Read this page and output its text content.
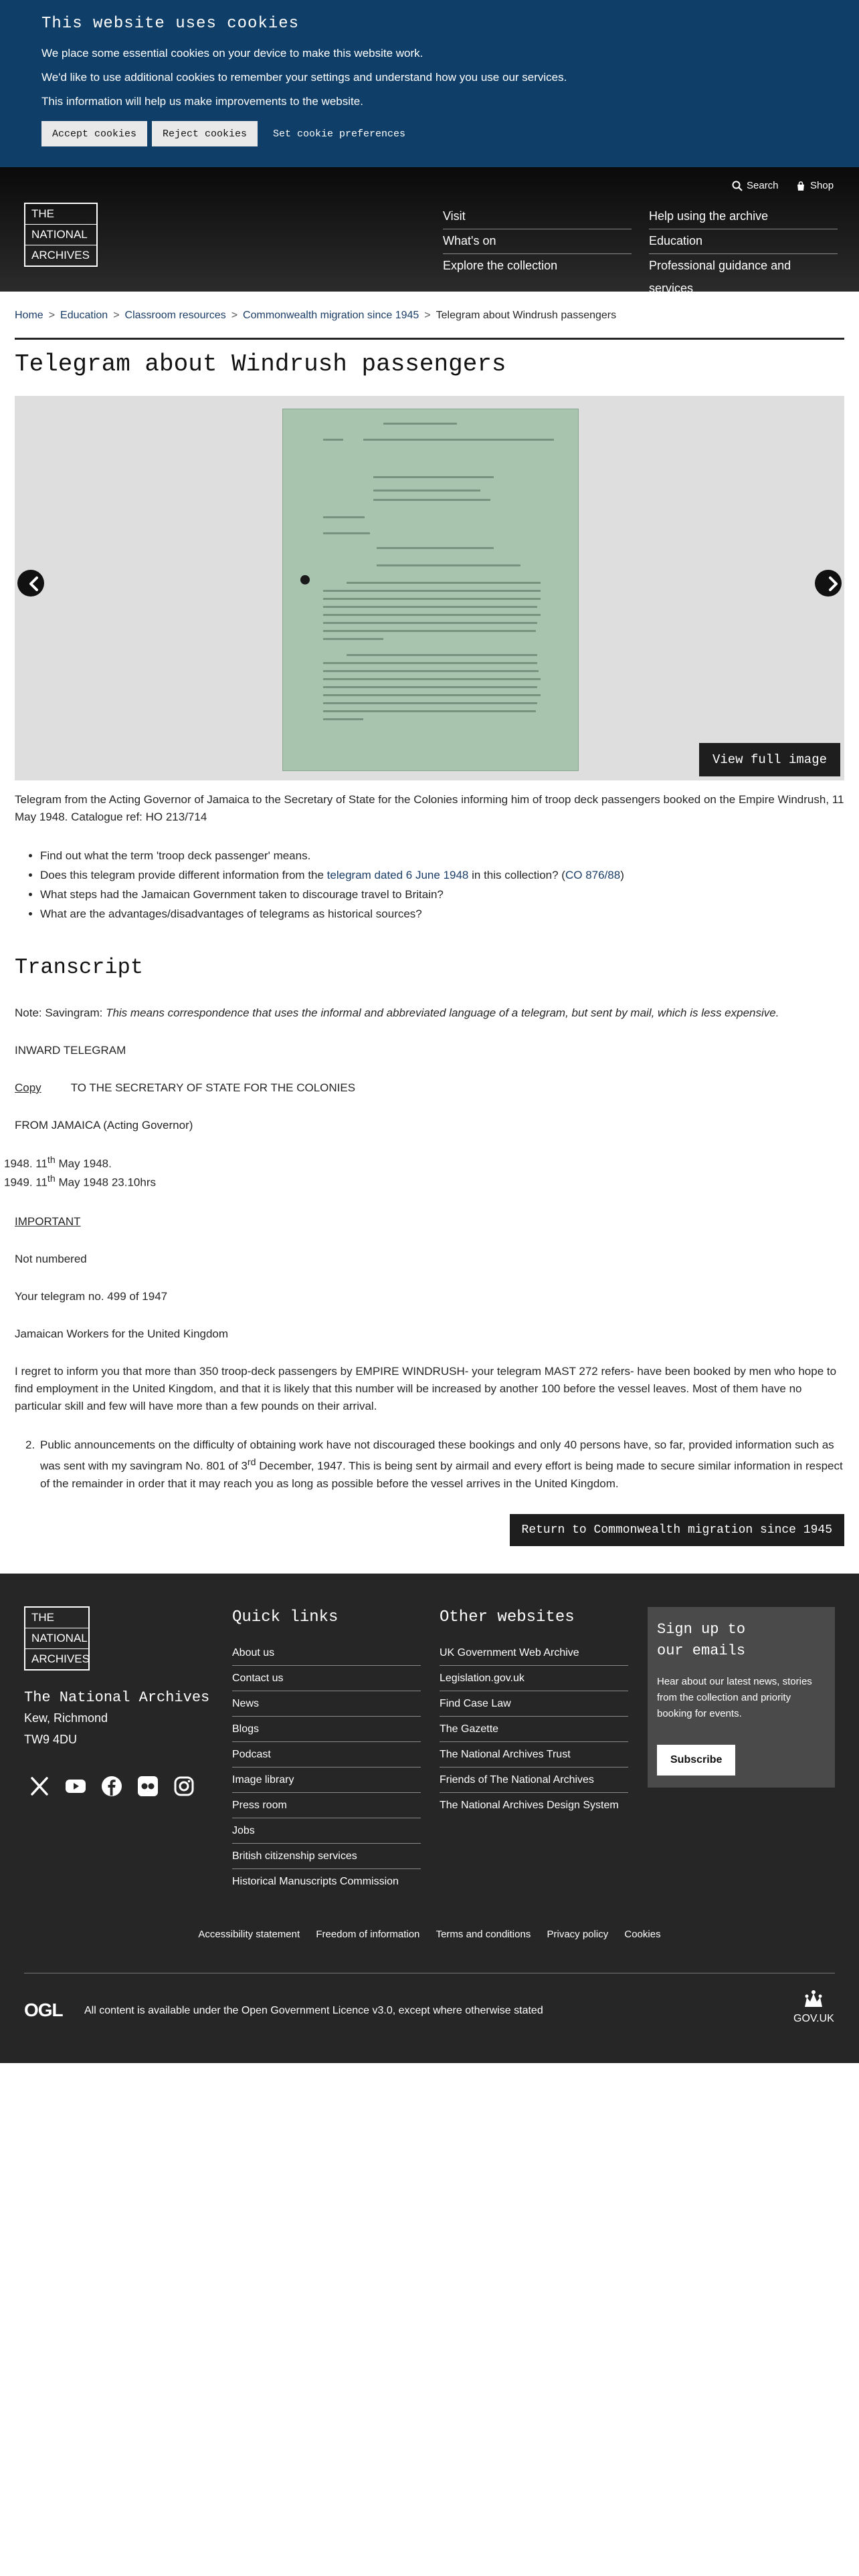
This website uses cookies

We place some essential cookies on your device to make this website work.

We'd like to use additional cookies to remember your settings and understand how you use our services.

This information will help us make improvements to the website.

Accept cookies	Reject cookies	Set cookie preferences
Search	Shop
THE
NATIONAL
ARCHIVES
Visit
What's on
Explore the collection
Help using the archive
Education
Professional guidance and services
Home > Education > Classroom resources > Commonwealth migration since 1945 > Telegram about Windrush passengers
Telegram about Windrush passengers
View full image

Telegram from the Acting Governor of Jamaica to the Secretary of State for the Colonies informing him of troop deck passengers booked on the Empire Windrush, 11 May 1948. Catalogue ref: HO 213/714

• Find out what the term 'troop deck passenger' means.
• Does this telegram provide different information from the telegram dated 6 June 1948 in this collection? (CO 876/88)
• What steps had the Jamaican Government taken to discourage travel to Britain?
• What are the advantages/disadvantages of telegrams as historical sources?
Transcript

Note: Savingram: This means correspondence that uses the informal and abbreviated language of a telegram, but sent by mail, which is less expensive.

INWARD TELEGRAM

Copy	TO THE SECRETARY OF STATE FOR THE COLONIES

FROM JAMAICA (Acting Governor)

1948. 11th May 1948.

1949. 11th May 1948 23.10hrs

IMPORTANT

Not numbered

Your telegram no. 499 of 1947

Jamaican Workers for the United Kingdom

I regret to inform you that more than 350 troop-deck passengers by EMPIRE WINDRUSH- your telegram MAST 272 refers- have been booked by men who hope to find employment in the United Kingdom, and that it is likely that this number will be increased by another 100 before the vessel leaves. Most of them have no particular skill and few will have more than a few pounds on their arrival.

2. Public announcements on the difficulty of obtaining work have not discouraged these bookings and only 40 persons have, so far, provided information such as was sent with my savingram No. 801 of 3rd December, 1947. This is being sent by airmail and every effort is being made to secure similar information in respect of the remainder in order that it may reach you as long as possible before the vessel arrives in the United Kingdom.
Return to Commonwealth migration since 1945
THE
NATIONAL
ARCHIVES
The National Archives
Kew, Richmond
TW9 4DU
Quick links
About us
Contact us
News
Blogs
Podcast
Image library
Press room
Jobs
British citizenship services
Historical Manuscripts Commission
Other websites
UK Government Web Archive
Legislation.gov.uk
Find Case Law
The Gazette
The National Archives Trust
Friends of The National Archives
The National Archives Design System
Sign up to
our emails

Hear about our latest news, stories from the collection and priority booking for events.

Subscribe
Accessibility statement Freedom of information Terms and conditions Privacy policy Cookies
OGL All content is available under the Open Government Licence v3.0, except where otherwise stated
GOV.UK
